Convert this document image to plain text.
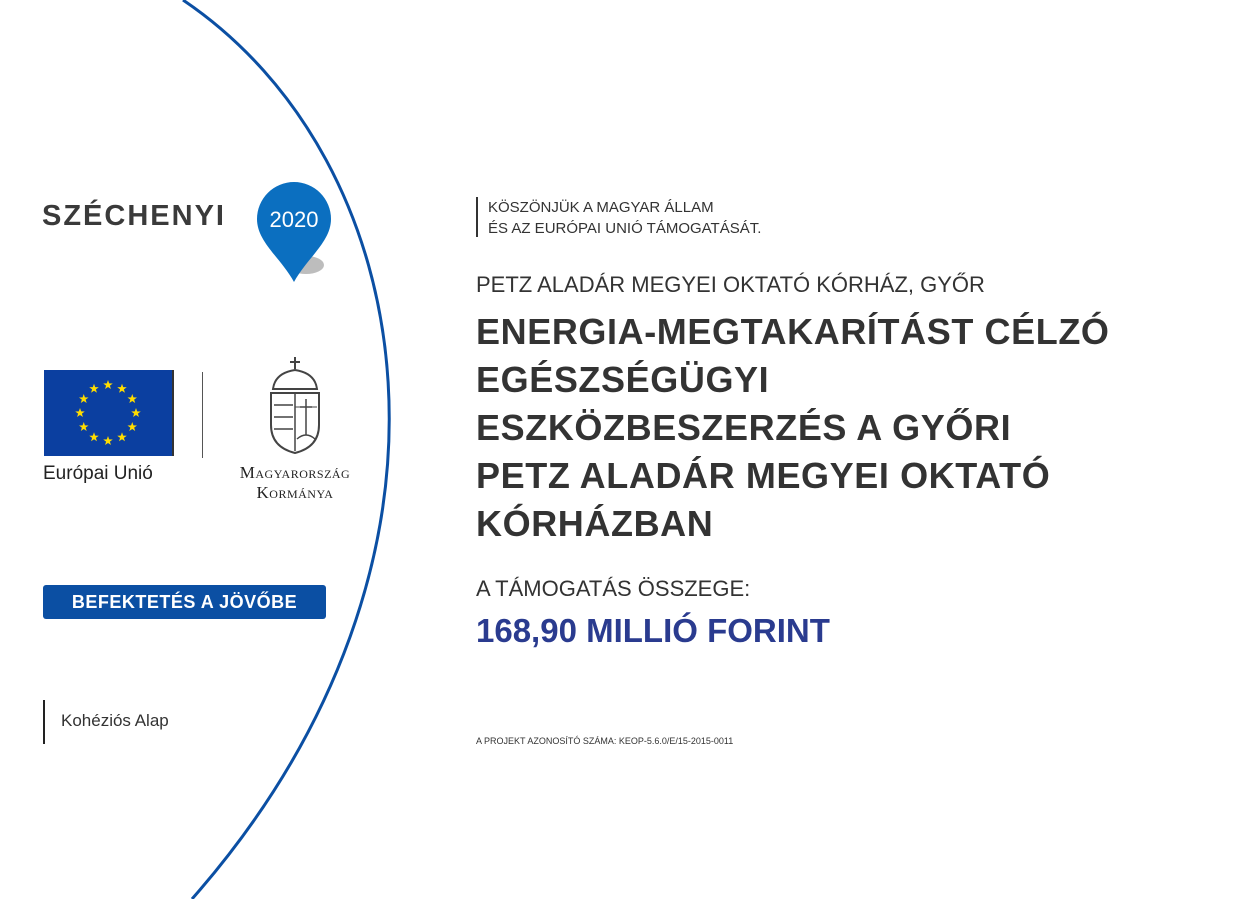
SZÉCHENYI 2020
Európai Unió	Magyarország
Kormánya
BEFEKTETÉS A JÖVŐBE
Kohéziós Alap
KÖSZÖNJÜK A MAGYAR ÁLLAM
ÉS AZ EURÓPAI UNIÓ TÁMOGATÁSÁT.
PETZ ALADÁR MEGYEI OKTATÓ KÓRHÁZ, GYŐR
ENERGIA-MEGTAKARÍTÁST CÉLZÓ
EGÉSZSÉGÜGYI
ESZKÖZBESZERZÉS A GYŐRI
PETZ ALADÁR MEGYEI OKTATÓ
KÓRHÁZBAN
A TÁMOGATÁS ÖSSZEGE:
168,90 MILLIÓ FORINT
A PROJEKT AZONOSÍTÓ SZÁMA: KEOP-5.6.0/E/15-2015-0011
